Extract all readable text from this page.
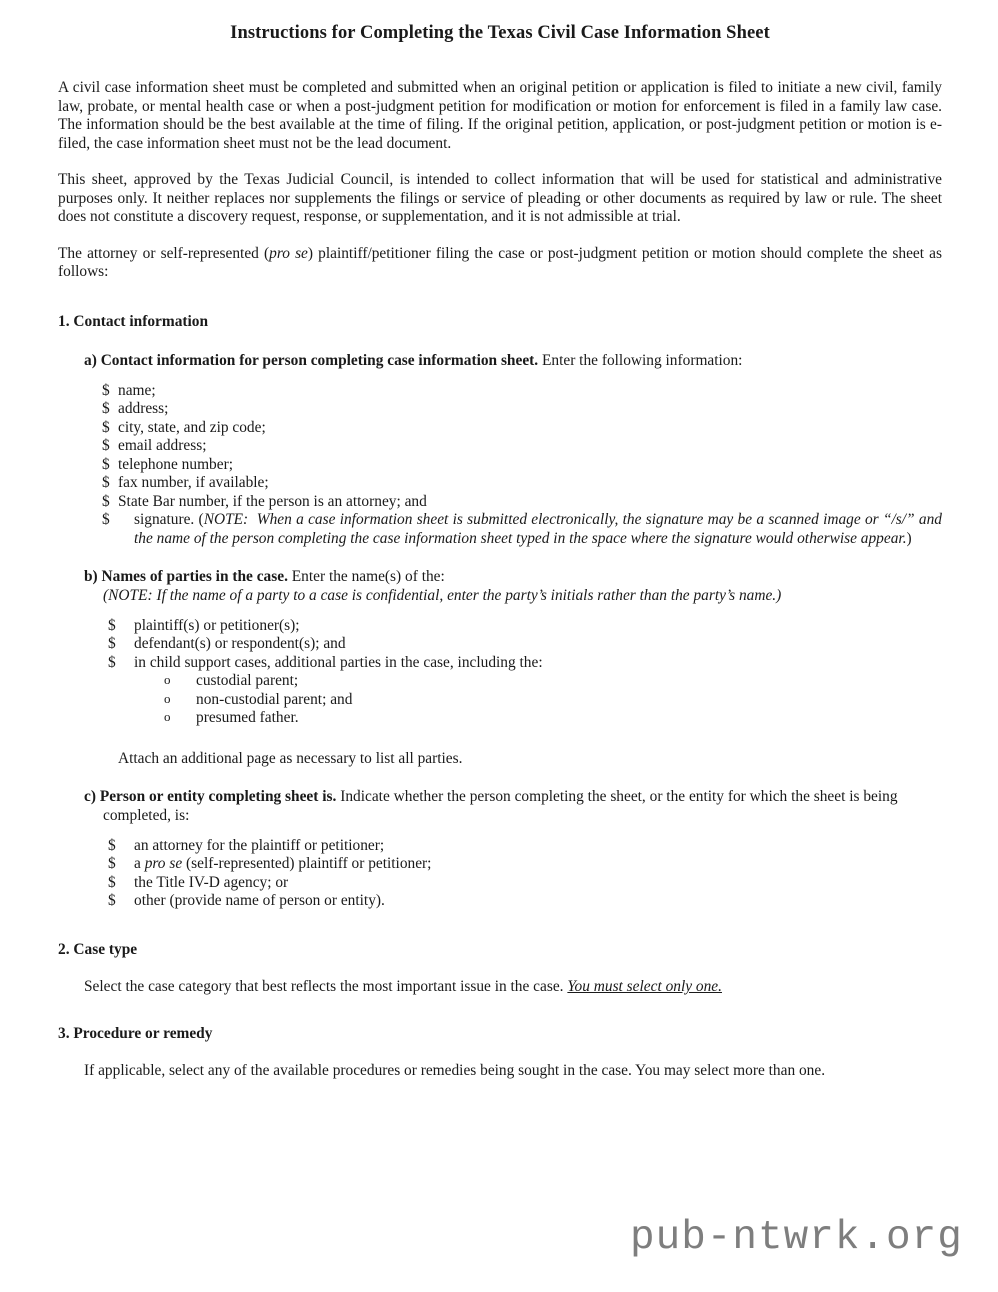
Instructions for Completing the Texas Civil Case Information Sheet

A civil case information sheet must be completed and submitted when an original petition or application is filed to initiate a new civil, family law, probate, or mental health case or when a post-judgment petition for modification or motion for enforcement is filed in a family law case. The information should be the best available at the time of filing. If the original petition, application, or post-judgment petition or motion is e-filed, the case information sheet must not be the lead document.

This sheet, approved by the Texas Judicial Council, is intended to collect information that will be used for statistical and administrative purposes only. It neither replaces nor supplements the filings or service of pleading or other documents as required by law or rule. The sheet does not constitute a discovery request, response, or supplementation, and it is not admissible at trial.

The attorney or self-represented (pro se) plaintiff/petitioner filing the case or post-judgment petition or motion should complete the sheet as follows:

1. Contact information
a) Contact information for person completing case information sheet. Enter the following information:
$ name;
$ address;
$ city, state, and zip code;
$ email address;
$ telephone number;
$ fax number, if available;
$ State Bar number, if the person is an attorney; and
$ signature. (NOTE: When a case information sheet is submitted electronically, the signature may be a scanned image or “/s/” and the name of the person completing the case information sheet typed in the space where the signature would otherwise appear.)
b) Names of parties in the case. Enter the name(s) of the:
(NOTE: If the name of a party to a case is confidential, enter the party’s initials rather than the party’s name.)
$ plaintiff(s) or petitioner(s);
$ defendant(s) or respondent(s); and
$ in child support cases, additional parties in the case, including the:
o custodial parent;
o non-custodial parent; and
o presumed father.
Attach an additional page as necessary to list all parties.
c) Person or entity completing sheet is. Indicate whether the person completing the sheet, or the entity for which the sheet is being completed, is:
$ an attorney for the plaintiff or petitioner;
$ a pro se (self-represented) plaintiff or petitioner;
$ the Title IV-D agency; or
$ other (provide name of person or entity).
2. Case type
Select the case category that best reflects the most important issue in the case. You must select only one.
3. Procedure or remedy
If applicable, select any of the available procedures or remedies being sought in the case. You may select more than one.
pub-ntwrk.org
